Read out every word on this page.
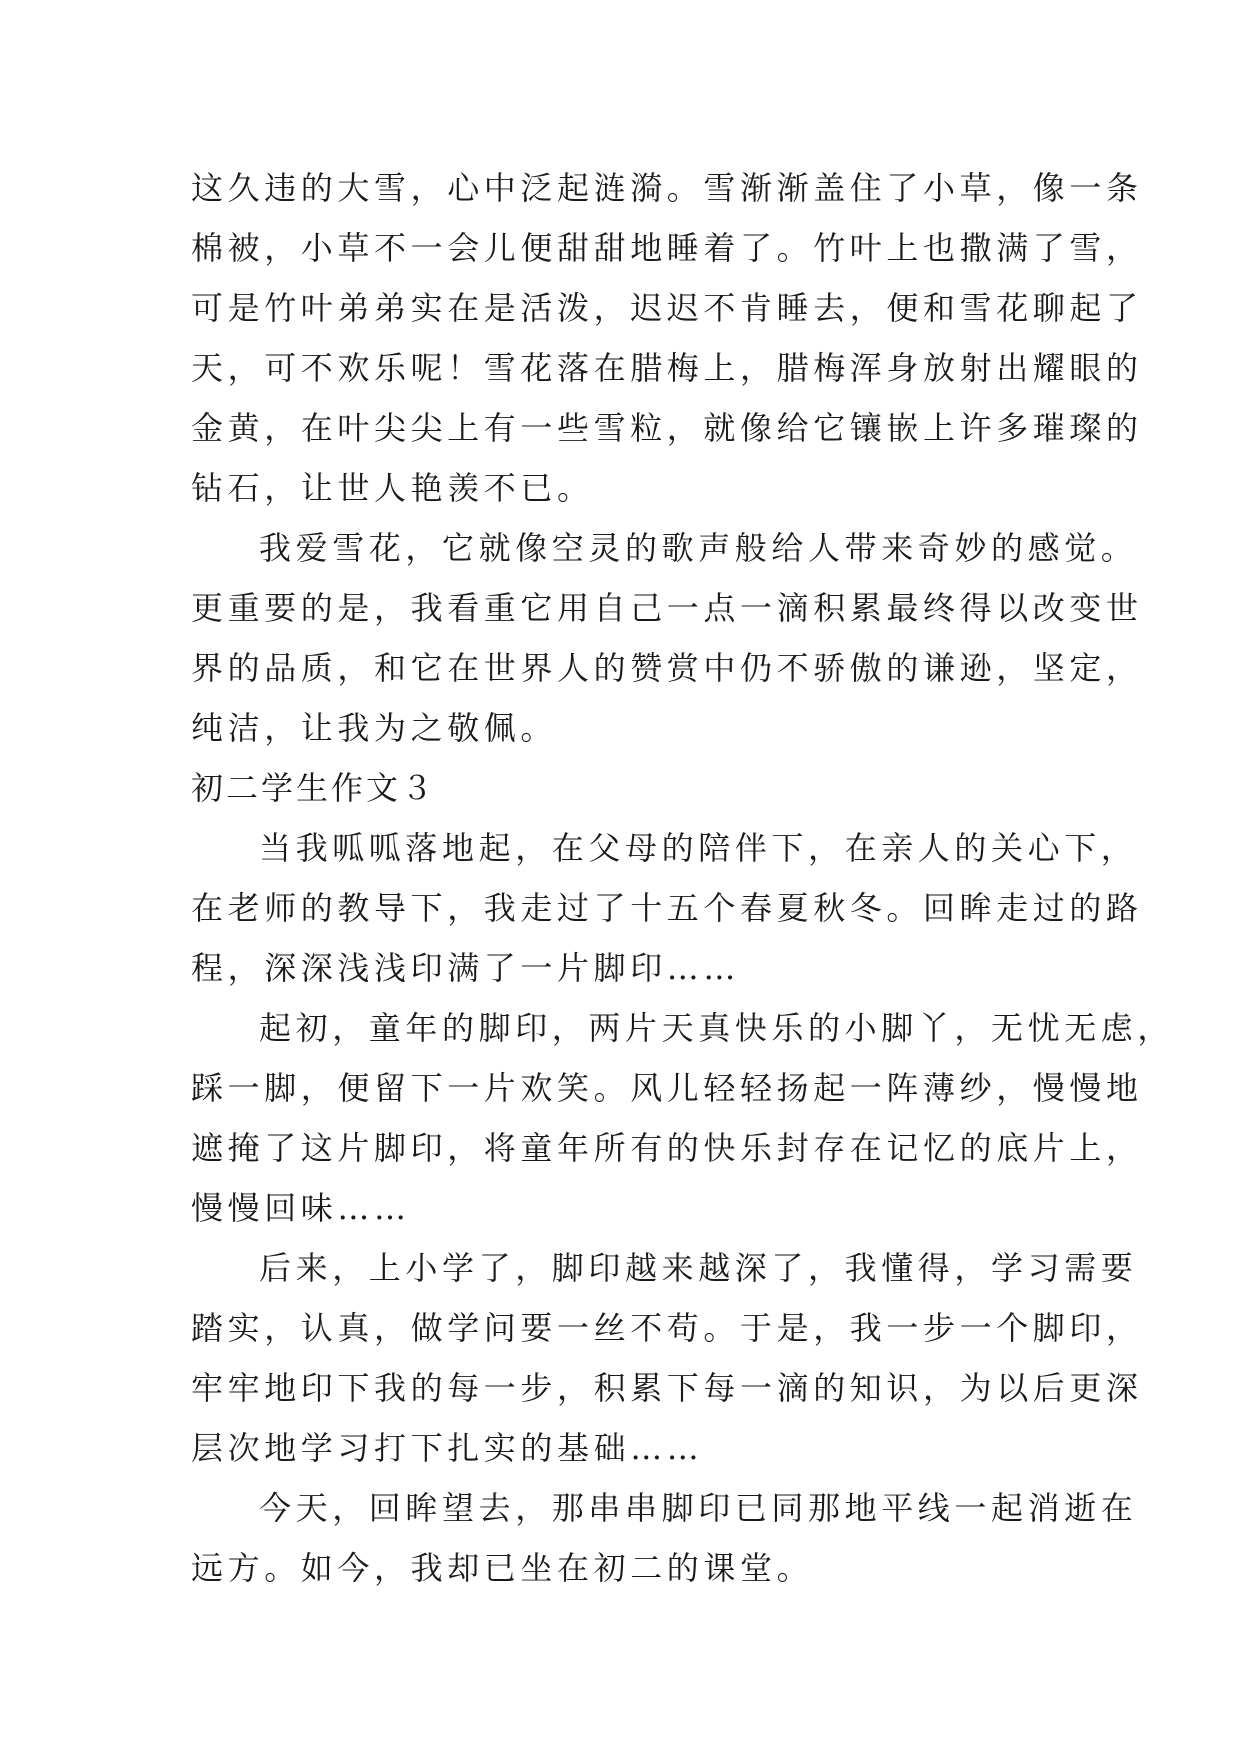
这久违的大雪，心中泛起涟漪。雪渐渐盖住了小草，像一条
棉被，小草不一会儿便甜甜地睡着了。竹叶上也撒满了雪，
可是竹叶弟弟实在是活泼，迟迟不肯睡去，便和雪花聊起了
天，可不欢乐呢！雪花落在腊梅上，腊梅浑身放射出耀眼的
金黄，在叶尖尖上有一些雪粒，就像给它镶嵌上许多璀璨的
钻石，让世人艳羡不已。
我爱雪花，它就像空灵的歌声般给人带来奇妙的感觉。
更重要的是，我看重它用自己一点一滴积累最终得以改变世
界的品质，和它在世界人的赞赏中仍不骄傲的谦逊，坚定，
纯洁，让我为之敬佩。
初二学生作文３
当我呱呱落地起，在父母的陪伴下，在亲人的关心下，
在老师的教导下，我走过了十五个春夏秋冬。回眸走过的路
程，深深浅浅印满了一片脚印……
起初，童年的脚印，两片天真快乐的小脚丫，无忧无虑，
踩一脚，便留下一片欢笑。风儿轻轻扬起一阵薄纱，慢慢地
遮掩了这片脚印，将童年所有的快乐封存在记忆的底片上，
慢慢回味……
后来，上小学了，脚印越来越深了，我懂得，学习需要
踏实，认真，做学问要一丝不苟。于是，我一步一个脚印，
牢牢地印下我的每一步，积累下每一滴的知识，为以后更深
层次地学习打下扎实的基础……
今天，回眸望去，那串串脚印已同那地平线一起消逝在
远方。如今，我却已坐在初二的课堂。
